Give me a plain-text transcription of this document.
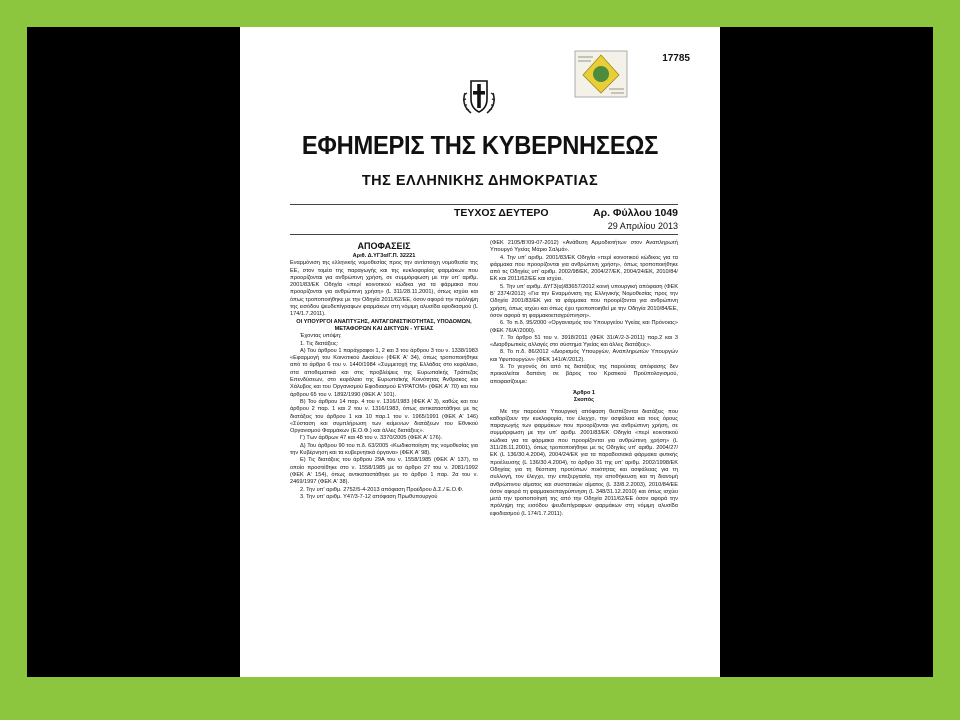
17785
ΕΦΗΜΕΡΙΣ ΤΗΣ ΚΥΒΕΡΝΗΣΕΩΣ
ΤΗΣ ΕΛΛΗΝΙΚΗΣ ΔΗΜΟΚΡΑΤΙΑΣ
ΤΕΥΧΟΣ ΔΕΥΤΕΡΟ	Αρ. Φύλλου 1049
29 Απριλίου 2013
ΑΠΟΦΑΣΕΙΣ
Αριθ. Δ.ΥΓ3α/Γ.Π. 32221
Εναρμόνιση της ελληνικής νομοθεσίας προς την αντίστοιχη νομοθεσία της ΕΕ, στον τομέα της παραγωγής και της κυκλοφορίας φαρμάκων που προορίζονται για ανθρώπινη χρήση, σε συμμόρφωση με την υπ' αριθμ. 2001/83/ΕΚ Οδηγία «περί κοινοτικού κώδικα για τα φάρμακα που προορίζονται για ανθρώπινη χρήση» (L 311/28.11.2001), όπως ισχύει και όπως τροποποιήθηκε με την Οδηγία 2011/62/ΕΕ, όσον αφορά την πρόληψη της εισόδου ψευδεπίγραφων φαρμάκων στη νόμιμη αλυσίδα εφοδιασμού (L 174/1.7.2011).
ΟΙ ΥΠΟΥΡΓΟΙ ΑΝΑΠΤΥΞΗΣ, ΑΝΤΑΓΩΝΙΣΤΙΚΟΤΗΤΑΣ, ΥΠΟΔΟΜΩΝ, ΜΕΤΑΦΟΡΩΝ ΚΑΙ ΔΙΚΤΥΩΝ - ΥΓΕΙΑΣ
Έχοντας υπόψη:
1. Τις διατάξεις:
Α) Του άρθρου 1 παράγραφοι 1, 2 και 3 του άρθρου 3 του ν. 1338/1983 «Εφαρμογή του Κοινοτικού Δικαίου» (ΦΕΚ Α' 34), όπως τροποποιήθηκε από το άρθρο 6 του ν. 1440/1984 «Συμμετοχή της Ελλάδας στο κεφάλαιο, στα αποθεματικά και στις προβλέψεις της Ευρωπαϊκής Τράπεζας Επενδύσεων, στο κεφάλαιο της Ευρωπαϊκής Κοινότητας Άνθρακος και Χάλυβος και του Οργανισμού Εφοδιασμού ΕΥΡΑΤΟΜ» (ΦΕΚ Α' 70) και του άρθρου 65 του ν. 1892/1990 (ΦΕΚ Α' 101).
Β) Του άρθρου 14 παρ. 4 του ν. 1316/1983 (ΦΕΚ Α' 3), καθώς και του άρθρου 2 παρ. 1 και 2 του ν. 1316/1983, όπως αντικαταστάθηκε με τις διατάξεις του άρθρου 1 και 10 παρ.1 του ν. 1965/1991 (ΦΕΚ Α' 146) «Σύσταση και συμπλήρωση των κείμενων διατάξεων του Εθνικού Οργανισμού Φαρμάκων (Ε.Ο.Φ.) και άλλες διατάξεις».
Γ) Των άρθρων 47 και 48 του ν. 3370/2005 (ΦΕΚ Α' 176).
Δ) Του άρθρου 90 του π.δ. 63/2005 «Κωδικοποίηση της νομοθεσίας για την Κυβέρνηση και τα κυβερνητικά όργανα» (ΦΕΚ Α' 98).
Ε) Τις διατάξεις του άρθρου 29Α του ν. 1558/1985 (ΦΕΚ Α' 137), το οποίο προστέθηκε στο ν. 1558/1985 με το άρθρο 27 του ν. 2081/1992 (ΦΕΚ Α' 154), όπως αντικαταστάθηκε με το άρθρο 1 παρ. 2α του ν. 2469/1997 (ΦΕΚ Α' 38).
2. Την υπ' αριθμ. 2752/5-4-2013 απόφαση Προέδρου Δ.Σ./ Ε.Ο.Φ.
3. Την υπ' αριθμ. Υ47/3-7-12 απόφαση Πρωθυπουργού
(ΦΕΚ 2105/Β'/09-07-2012) «Ανάθεση Αρμοδιοτήτων στον Αναπληρωτή Υπουργό Υγείας Μάριο Σαλμά».
4. Την υπ' αριθμ. 2001/83/ΕΚ Οδηγία «περί κοινοτικού κώδικος για τα φάρμακα που προορίζονται για ανθρώπινη χρήση», όπως τροποποιήθηκε από τις Οδηγίες υπ' αριθμ. 2002/98/ΕΚ, 2004/27/ΕΚ, 2004/24/ΕΚ, 2010/84/ΕΚ και 2011/62/ΕΕ και ισχύει.
5. Την υπ' αριθμ. ΔΥΓ3(α)/83657/2012 κοινή υπουργική απόφαση (ΦΕΚ Β' 2374/2012) «Για την Εναρμόνιση της Ελληνικής Νομοθεσίας προς την Οδηγία 2001/83/ΕΚ για τα φάρμακα που προορίζονται για ανθρώπινη χρήση, όπως ισχύει και όπως έχει τροποποιηθεί με την Οδηγία 2010/84/ΕΕ, όσον αφορά τη φαρμακοεπαγρύπνηση».
6. Το π.δ. 95/2000 «Οργανισμός του Υπουργείου Υγείας και Πρόνοιας» (ΦΕΚ 76/Α'/2000).
7. Το άρθρο 51 του ν. 3918/2011 (ΦΕΚ 31/Α'/2-3-2011) παρ.2 και 3 «Διαρθρωτικές αλλαγές στο σύστημα Υγείας και άλλες διατάξεις».
8. Το π.δ. 86/2012 «Διορισμός Υπουργών, Αναπληρωτών Υπουργών και Υφυπουργών» (ΦΕΚ 141/Α'/2012).
9. Το γεγονός ότι από τις διατάξεις της παρούσας απόφασης δεν προκαλείται δαπάνη σε βάρος του Κρατικού Προϋπολογισμού, αποφασίζουμε:
Άρθρο 1
Σκοπός
Με την παρούσα Υπουργική απόφαση θεσπίζονται διατάξεις που καθορίζουν την κυκλοφορία, τον έλεγχο, την ασφάλεια και τους όρους παραγωγής των φαρμάκων που προορίζονται για ανθρώπινη χρήση, σε συμμόρφωση με την υπ' αριθμ. 2001/83/ΕΚ Οδηγία «περί κοινοτικού κώδικα για τα φάρμακα που προορίζονται για ανθρώπινη χρήση» (L 311/28.11.2001), όπως τροποποιήθηκε με τις Οδηγίες υπ' αριθμ. 2004/27/ΕΚ (L 136/30.4.2004), 2004/24/ΕΚ για τα παραδοσιακά φάρμακα φυτικής προέλευσης (L 136/30.4.2004), το άρθρο 31 της υπ' αριθμ. 2002/1998/ΕΚ Οδηγίας για τη θέσπιση προτύπων ποιότητας και ασφάλειας για τη συλλογή, τον έλεγχο, την επεξεργασία, την αποθήκευση και τη διανομή ανθρώπινου αίματος και συστατικών αίματος (L 33/8.2.2003), 2010/84/ΕΕ όσον αφορά τη φαρμακοεπαγρύπνηση (L 348/31.12.2010) και όπως ισχύει μετά την τροποποίησή της από την Οδηγία 2011/62/ΕΕ όσον αφορά την πρόληψη της εισόδου ψευδεπίγραφων φαρμάκων στη νόμιμη αλυσίδα εφοδιασμού (L 174/1.7.2011).
